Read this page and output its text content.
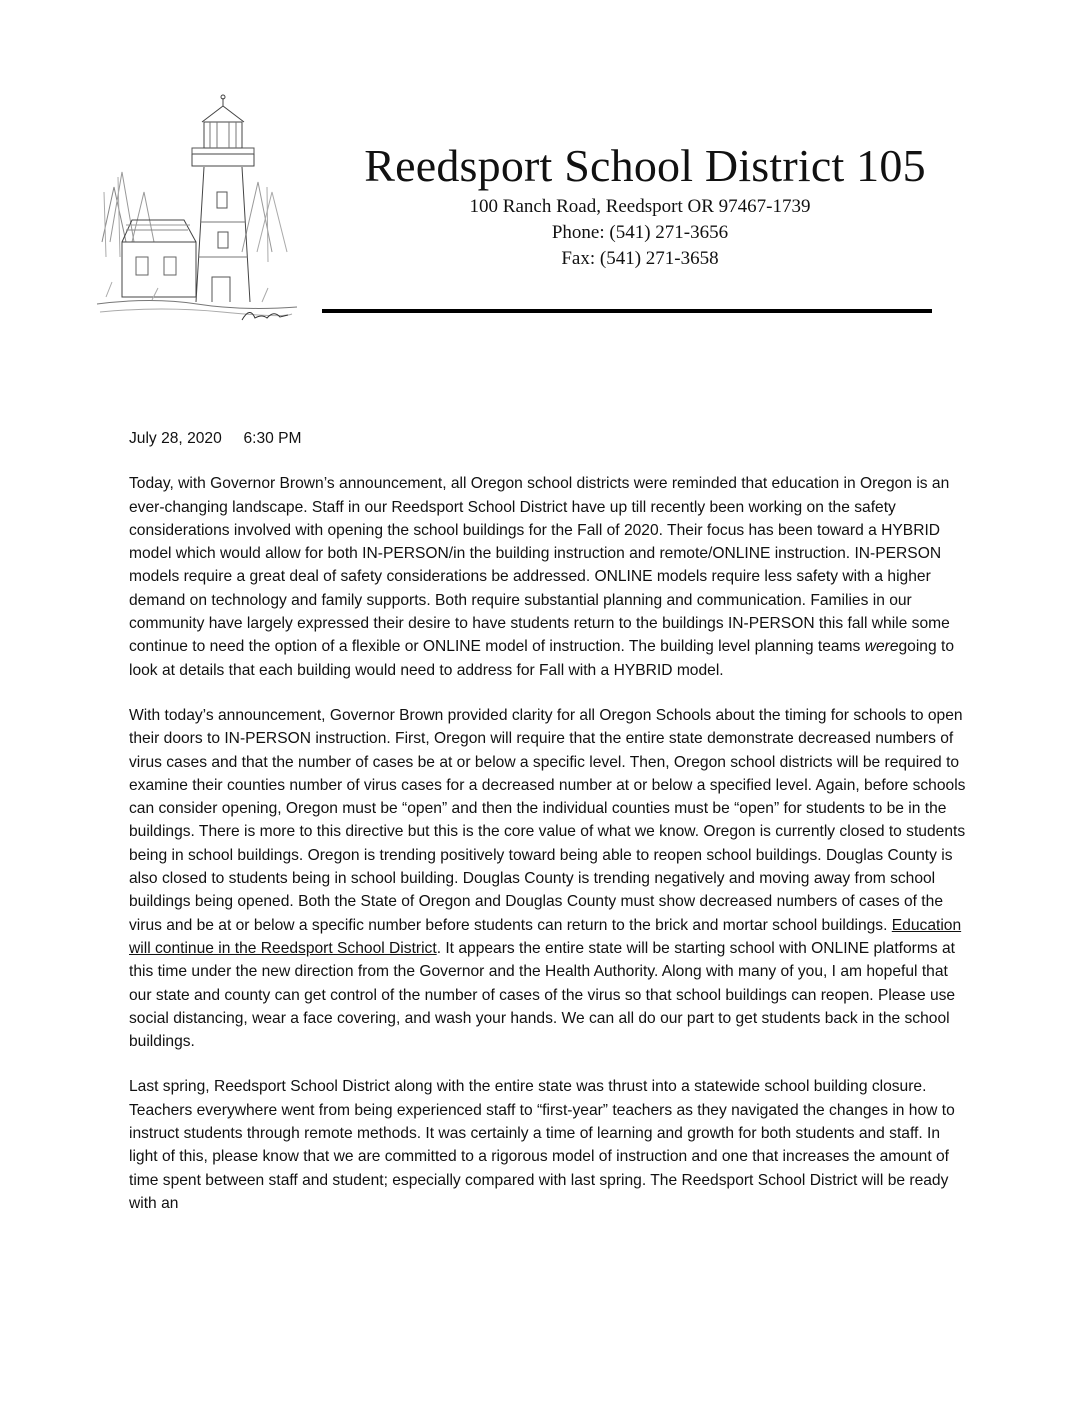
Reedsport School District 105

100 Ranch Road, Reedsport OR 97467-1739

Phone: (541) 271-3656

Fax: (541) 271-3658

July 28, 2020 6:30 PM

Today, with Governor Brown’s announcement, all Oregon school districts were reminded that education in Oregon is an ever-changing landscape. Staff in our Reedsport School District have up till recently been working on the safety considerations involved with opening the school buildings for the Fall of 2020. Their focus has been toward a HYBRID model which would allow for both IN-PERSON/in the building instruction and remote/ONLINE instruction. IN-PERSON models require a great deal of safety considerations be addressed. ONLINE models require less safety with a higher demand on technology and family supports. Both require substantial planning and communication. Families in our community have largely expressed their desire to have students return to the buildings IN-PERSON this fall while some continue to need the option of a flexible or ONLINE model of instruction. The building level planning teams weregoing to look at details that each building would need to address for Fall with a HYBRID model.

With today’s announcement, Governor Brown provided clarity for all Oregon Schools about the timing for schools to open their doors to IN-PERSON instruction. First, Oregon will require that the entire state demonstrate decreased numbers of virus cases and that the number of cases be at or below a specific level. Then, Oregon school districts will be required to examine their counties number of virus cases for a decreased number at or below a specified level. Again, before schools can consider opening, Oregon must be “open” and then the individual counties must be “open” for students to be in the buildings. There is more to this directive but this is the core value of what we know. Oregon is currently closed to students being in school buildings. Oregon is trending positively toward being able to reopen school buildings. Douglas County is also closed to students being in school building. Douglas County is trending negatively and moving away from school buildings being opened. Both the State of Oregon and Douglas County must show decreased numbers of cases of the virus and be at or below a specific number before students can return to the brick and mortar school buildings. Education will continue in the Reedsport School District. It appears the entire state will be starting school with ONLINE platforms at this time under the new direction from the Governor and the Health Authority. Along with many of you, I am hopeful that our state and county can get control of the number of cases of the virus so that school buildings can reopen. Please use social distancing, wear a face covering, and wash your hands. We can all do our part to get students back in the school buildings.

Last spring, Reedsport School District along with the entire state was thrust into a statewide school building closure. Teachers everywhere went from being experienced staff to “first-year” teachers as they navigated the changes in how to instruct students through remote methods. It was certainly a time of learning and growth for both students and staff. In light of this, please know that we are committed to a rigorous model of instruction and one that increases the amount of time spent between staff and student; especially compared with last spring. The Reedsport School District will be ready with an
